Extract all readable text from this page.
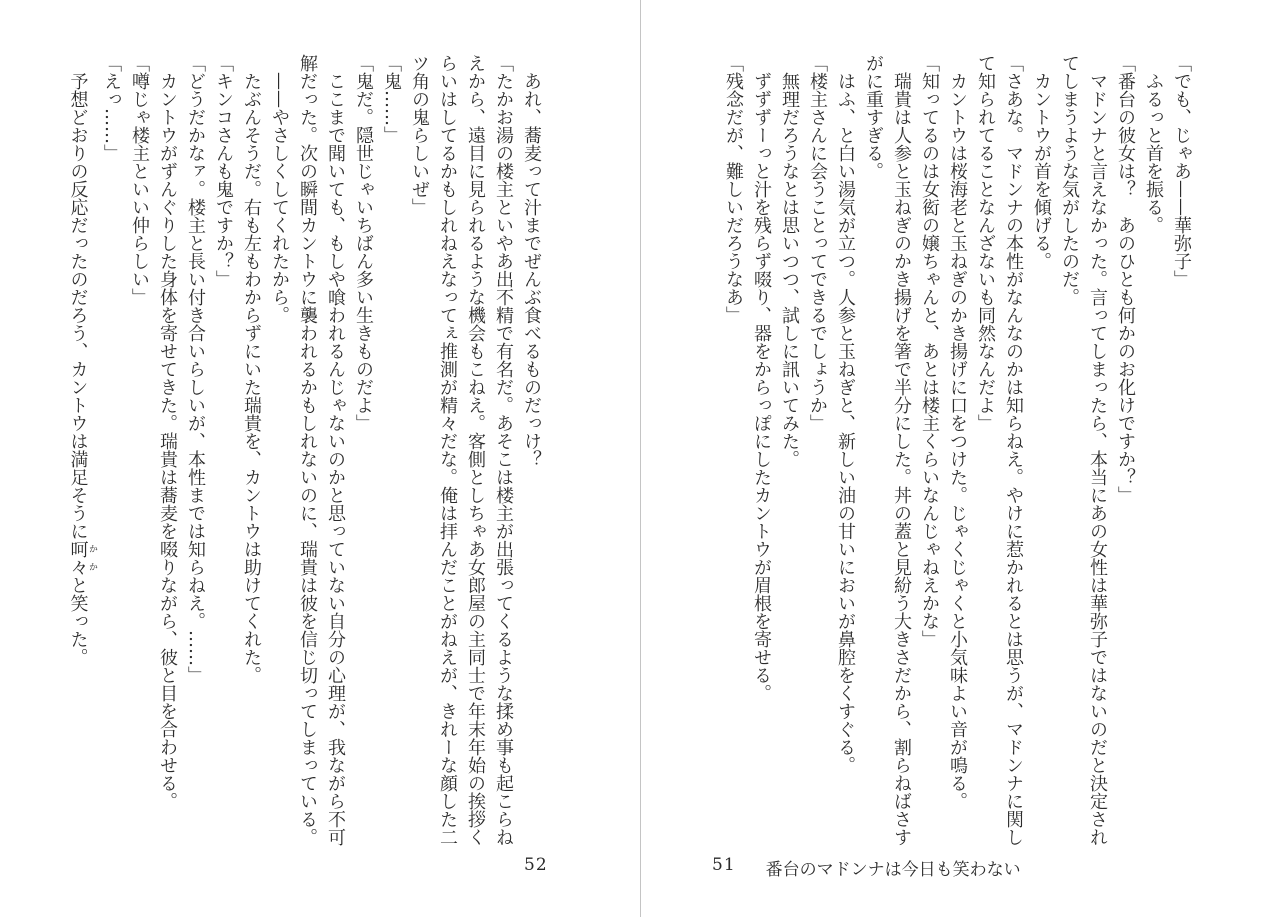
「でも、じゃあ——華弥子」

ふるっと首を振る。

「番台の彼女は？　あのひとも何かのお化けですか？」

マドンナと言えなかった。言ってしまったら、本当にあの女性は華弥子ではないのだと決定されてしまうような気がしたのだ。

カントウが首を傾げる。

「さあな。マドンナの本性がなんなのかは知らねえ。やけに惹かれるとは思うが、マドンナに関して知られてることなんざないも同然なんだよ」

カントウは桜海老と玉ねぎのかき揚げに口をつけた。じゃくじゃくと小気味よい音が鳴る。

「知ってるのは女衒の嬢ちゃんと、あとは楼主くらいなんじゃねえかな」

瑞貴は人参と玉ねぎのかき揚げを箸で半分にした。丼の蓋と見紛う大きさだから、割らねばさすがに重すぎる。

はふ、と白い湯気が立つ。人参と玉ねぎと、新しい油の甘いにおいが鼻腔をくすぐる。

「楼主さんに会うことってできるでしょうか」

無理だろうなとは思いつつ、試しに訊いてみた。

ずずずーっと汁を残らず啜り、器をからっぽにしたカントウが眉根を寄せる。

「残念だが、難しいだろうなあ」

51 番台のマドンナは今日も笑わない

あれ、蕎麦って汁までぜんぶ食べるものだっけ？

「たかお湯の楼主といやあ出不精で有名だ。あそこは楼主が出張ってくるような揉め事も起こらねえから、遠目に見られるような機会もこねえ。客側としちゃあ女郎屋の主同士で年末年始の挨拶くらいはしてるかもしれねえなってぇ推測が精々だな。俺は拝んだことがねえが、きれーな顔した二ツ角の鬼らしいぜ」

「鬼……」

「鬼だ。隠世じゃいちばん多い生きものだよ」

ここまで聞いても、もしや喰われるんじゃないのかと思っていない自分の心理が、我ながら不可解だった。次の瞬間カントウに襲われるかもしれないのに、瑞貴は彼を信じ切ってしまっている。

——やさしくしてくれたから。

たぶんそうだ。右も左もわからずにいた瑞貴を、カントウは助けてくれた。

「キンコさんも鬼ですか？」

「どうだかなァ。楼主と長い付き合いらしいが、本性までは知らねえ。……」

カントウがずんぐりした身体を寄せてきた。瑞貴は蕎麦を啜りながら、彼と目を合わせる。

「噂じゃ楼主といい仲らしい」

「えっ……」

予想どおりの反応だったのだろう、カントウは満足そうに呵々かかと笑った。

52
